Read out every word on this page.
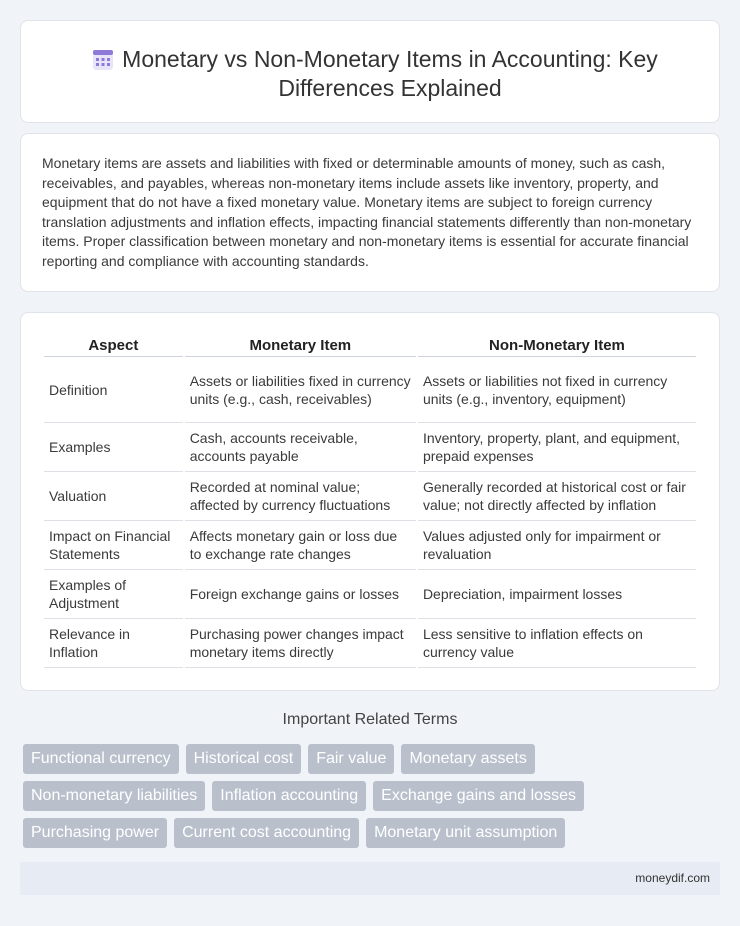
Monetary vs Non-Monetary Items in Accounting: Key Differences Explained

Monetary items are assets and liabilities with fixed or determinable amounts of money, such as cash, receivables, and payables, whereas non-monetary items include assets like inventory, property, and equipment that do not have a fixed monetary value. Monetary items are subject to foreign currency translation adjustments and inflation effects, impacting financial statements differently than non-monetary items. Proper classification between monetary and non-monetary items is essential for accurate financial reporting and compliance with accounting standards.

Aspect	Monetary Item	Non-Monetary Item
Definition	Assets or liabilities fixed in currency units (e.g., cash, receivables)	Assets or liabilities not fixed in currency units (e.g., inventory, equipment)
Examples	Cash, accounts receivable, accounts payable	Inventory, property, plant, and equipment, prepaid expenses
Valuation	Recorded at nominal value; affected by currency fluctuations	Generally recorded at historical cost or fair value; not directly affected by inflation
Impact on Financial Statements	Affects monetary gain or loss due to exchange rate changes	Values adjusted only for impairment or revaluation
Examples of Adjustment	Foreign exchange gains or losses	Depreciation, impairment losses
Relevance in Inflation	Purchasing power changes impact monetary items directly	Less sensitive to inflation effects on currency value
Important Related Terms
Functional currency	Historical cost	Fair value	Monetary assets
Non-monetary liabilities	Inflation accounting	Exchange gains and losses
Purchasing power	Current cost accounting	Monetary unit assumption
moneydif.com
